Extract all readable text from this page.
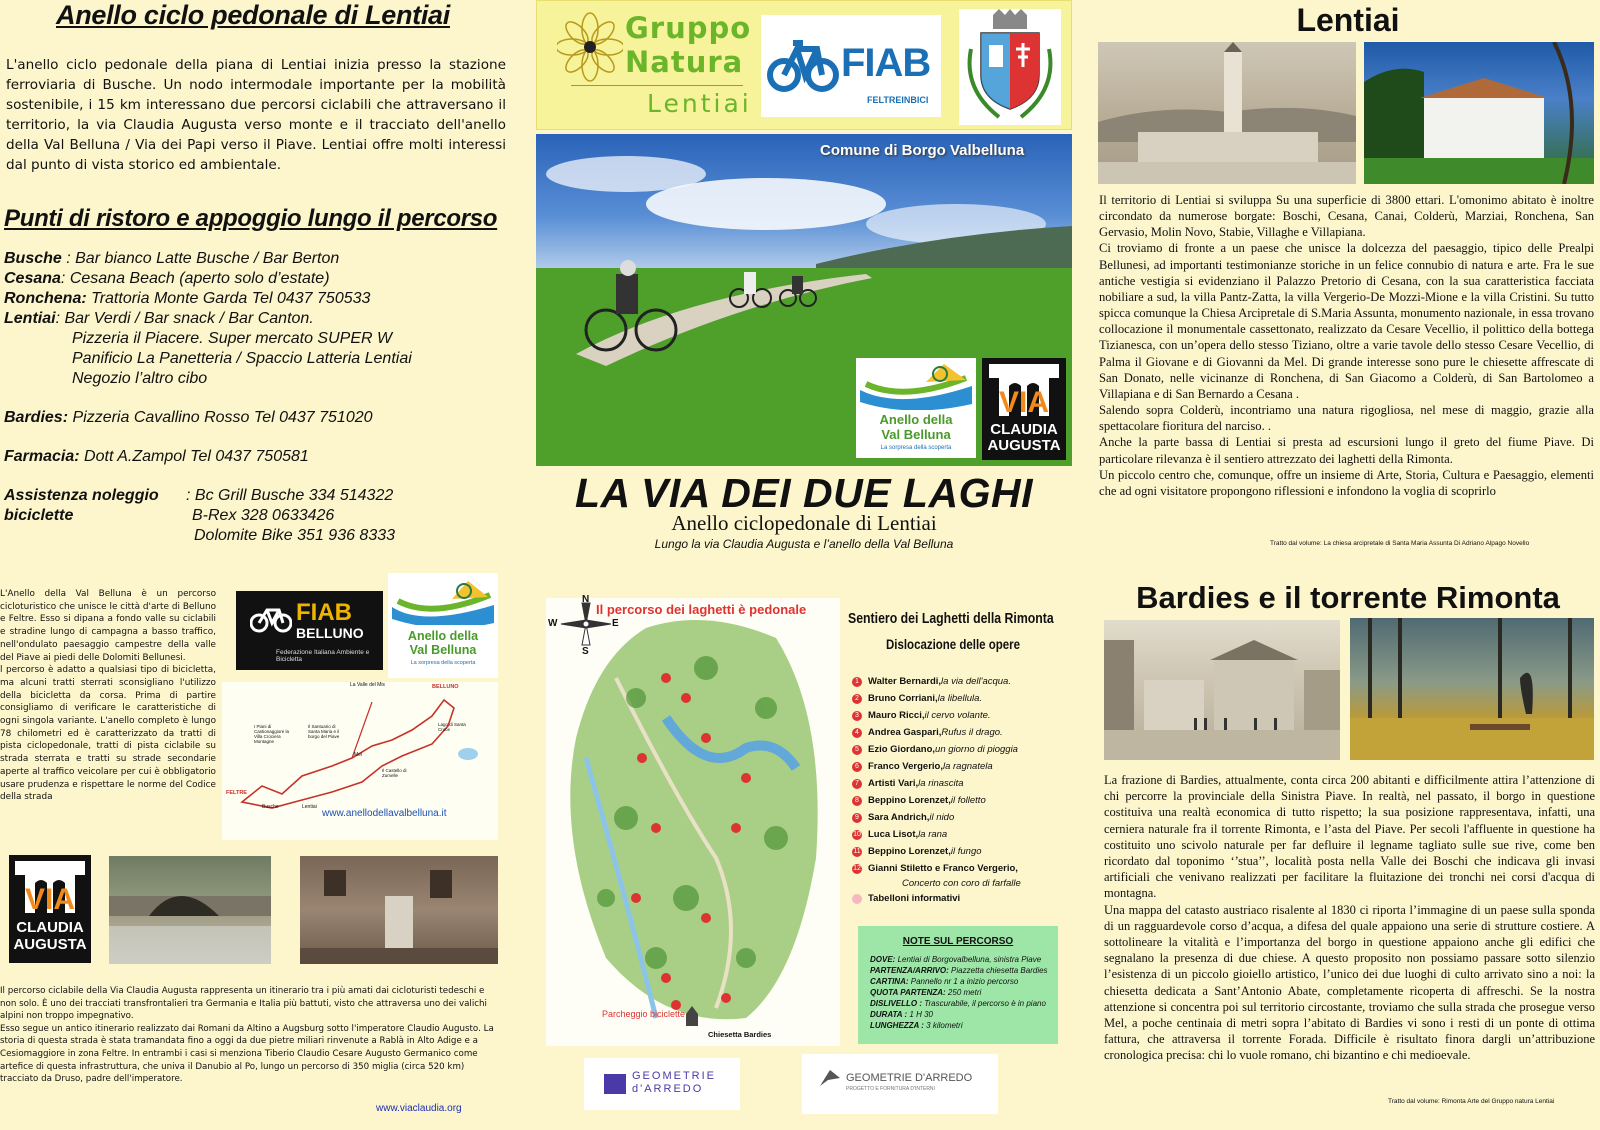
Anello ciclo pedonale di Lentiai
L'anello ciclo pedonale della piana di Lentiai inizia presso la stazione ferroviaria di Busche. Un nodo intermodale importante per la mobilità sostenibile, i 15 km interessano due percorsi ciclabili che attraversano il territorio, la via Claudia Augusta verso monte e il tracciato dell'anello della Val Belluna / Via dei Papi verso il Piave. Lentiai offre molti interessi dal punto di vista storico ed ambientale.
Punti di ristoro e appoggio lungo il percorso
Busche : Bar bianco Latte Busche / Bar Berton
Cesana: Cesana Beach (aperto solo d’estate)
Ronchena: Trattoria Monte Garda Tel 0437 750533
Lentiai: Bar Verdi / Bar snack / Bar Canton.
Pizzeria il Piacere. Super mercato SUPER W
Panificio La Panetteria / Spaccio Latteria Lentiai
Negozio l’altro cibo
Bardies: Pizzeria Cavallino Rosso Tel 0437 751020
Farmacia: Dott A.Zampol Tel 0437 750581
Assistenza noleggio biciclette
: Bc Grill Busche 334 514322
B-Rex 328 0633426
Dolomite Bike 351 936 8333
L'Anello della Val Belluna è un percorso cicloturistico che unisce le città d'arte di Belluno e Feltre. Esso si dipana a fondo valle su ciclabili e stradine lungo di campagna a basso traffico, nell'ondulato paesaggio campestre della valle del Piave ai piedi delle Dolomiti Bellunesi.
l percorso è adatto a qualsiasi tipo di bicicletta, ma alcuni tratti sterrati sconsigliano l'utilizzo della bicicletta da corsa. Prima di partire consigliamo di verificare le caratteristiche di ogni singola variante. L'anello completo è lungo 78 chilometri ed è caratterizzato da tratti di pista ciclopedonale, tratti di pista ciclabile su strada sterrata e tratti su strade secondarie aperte al traffico veicolare per cui è obbligatorio usare prudenza e rispettare le norme del Codice della strada
FIAB
BELLUNO
Federazione Italiana Ambiente e Bicicletta
Anello della
Val Belluna
La sorpresa della scoperta
La Valle del Mis	BELLUNO
I Piani di Castionaggiore la Villa Crociera Montagne
Il Santuario di Santa Maria e il borgo del Piave
Lago di Santa Croce
FELTRE
Il Castello di Zumelle
Mel
Busche	Lentiai
www.anellodellavalbelluna.it
VIA
CLAUDIA
AUGUSTA
Il percorso ciclabile della Via Claudia Augusta rappresenta un itinerario tra i più amati dai cicloturisti tedeschi e non solo. È uno dei tracciati transfrontalieri tra Germania e Italia più battuti, visto che attraversa uno dei valichi alpini non troppo impegnativo.
Esso segue un antico itinerario realizzato dai Romani da Altino a Augsburg sotto l'imperatore Claudio Augusto. La storia di questa strada è stata tramandata fino a oggi da due pietre miliari rinvenute a Rablà in Alto Adige e a Cesiomaggiore in zona Feltre. In entrambi i casi si menziona Tiberio Claudio Cesare Augusto Germanico come artefice di questa infrastruttura, che univa il Danubio al Po, lungo un percorso di 350 miglia (circa 520 km) tracciato da Druso, padre dell'imperatore.
www.viaclaudia.org
Gruppo
Natura
Lentiai
FIAB
FELTREINBICI
Comune di Borgo Valbelluna
Anello della
Val Belluna
La sorpresa della scoperta
VIA
CLAUDIA
AUGUSTA
LA VIA DEI DUE LAGHI
Anello ciclopedonale di Lentiai
Lungo la via Claudia Augusta e l’anello della Val Belluna
N
E
S
W
Il percorso dei laghetti è pedonale
Parcheggio biciclette
Chiesetta Bardies
Sentiero dei Laghetti della Rimonta
Dislocazione delle opere
1 Walter Bernardi, la via dell'acqua.
2 Bruno Corriani, la libellula.
3 Mauro Ricci, il cervo volante.
4 Andrea Gaspari, Rufus il drago.
5 Ezio Giordano, un giorno di pioggia
6 Franco Vergerio, la ragnatela
7 Artisti Vari, la rinascita
8 Beppino Lorenzet, il folletto
9 Sara Andrich, il nido
10 Luca Lisot, la rana
11 Beppino Lorenzet, il fungo
12 Gianni Stiletto e Franco Vergerio,
Concerto con coro di farfalle
Tabelloni informativi
NOTE SUL PERCORSO
DOVE: Lentiai di Borgovalbelluna, sinistra Piave
PARTENZA/ARRIVO: Piazzetta chiesetta Bardies
CARTINA: Pannello nr 1 a inizio percorso
QUOTA PARTENZA: 250 metri
DISLIVELLO : Trascurabile, il percorso è in piano
DURATA : 1 H 30
LUNGHEZZA : 3 kilometri
GEOMETRIE
d'ARREDO
GEOMETRIE D'ARREDO
PROGETTO E FORNITURA D'INTERNI
Lentiai
Il territorio di Lentiai si sviluppa Su una superficie di 3800 ettari. L'omonimo abitato è inoltre circondato da numerose borgate: Boschi, Cesana, Canai, Colderù, Marziai, Ronchena, San Gervasio, Molin Novo, Stabie, Villaghe e Villapiana.
Ci troviamo di fronte a un paese che unisce la dolcezza del paesaggio, tipico delle Prealpi Bellunesi, ad importanti testimonianze storiche in un felice connubio di natura e arte. Fra le sue antiche vestigia si evidenziano il Palazzo Pretorio di Cesana, con la sua caratteristica facciata nobiliare a sud, la villa Pantz-Zatta, la villa Vergerio-De Mozzi-Mione e la villa Cristini. Su tutto spicca comunque la Chiesa Arcipretale di S.Maria Assunta, monumento nazionale, in essa trovano collocazione il monumentale cassettonato, realizzato da Cesare Vecellio, il polittico della bottega Tizianesca, con un’opera dello stesso Tiziano, oltre a varie tavole dello stesso Cesare Vecellio, di Palma il Giovane e di Giovanni da Mel. Di grande interesse sono pure le chiesette affrescate di San Donato, nelle vicinanze di Ronchena, di San Giacomo a Colderù, di San Bartolomeo a Villapiana e di San Bernardo a Cesana .
Salendo sopra Colderù, incontriamo una natura rigogliosa, nel mese di maggio, grazie alla spettacolare fioritura del narciso. .
Anche la parte bassa di Lentiai si presta ad escursioni lungo il greto del fiume Piave. Di particolare rilevanza è il sentiero attrezzato dei laghetti della Rimonta.
Un piccolo centro che, comunque, offre un insieme di Arte, Storia, Cultura e Paesaggio, elementi che ad ogni visitatore propongono riflessioni e infondono la voglia di scoprirlo
Tratto dal volume: La chiesa arcipretale di Santa Maria Assunta Di Adriano Alpago Novello
Bardies e il torrente Rimonta
La frazione di Bardies, attualmente, conta circa 200 abitanti e difficilmente attira l’attenzione di chi percorre la provinciale della Sinistra Piave. In realtà, nel passato, il borgo in questione costituiva una realtà economica di tutto rispetto; la sua posizione rappresentava, infatti, una cerniera naturale fra il torrente Rimonta, e l’asta del Piave. Per secoli l'affluente in questione ha costituito uno scivolo naturale per far defluire il legname tagliato sulle sue rive, come ben ricordato dal toponimo ‘’stua’’, località posta nella Valle dei Boschi che indicava gli invasi artificiali che venivano realizzati per facilitare la fluitazione dei tronchi nei corsi d'acqua di montagna.
Una mappa del catasto austriaco risalente al 1830 ci riporta l’immagine di un paese sulla sponda di un ragguardevole corso d’acqua, a difesa del quale appaiono una serie di strutture costiere. A sottolineare la vitalità e l’importanza del borgo in questione appaiono anche gli edifici che segnalano la presenza di due chiese. A questo proposito non possiamo passare sotto silenzio l’esistenza di un piccolo gioiello artistico, l’unico dei due luoghi di culto arrivato sino a noi: la chiesetta dedicata a Sant’Antonio Abate, completamente ricoperta di affreschi. Se la nostra attenzione si concentra poi sul territorio circostante, troviamo che sulla strada che prosegue verso Mel, a poche centinaia di metri sopra l’abitato di Bardies vi sono i resti di un ponte di ottima fattura, che attraversa il torrente Forada. Difficile è risultato finora dargli un’attribuzione cronologica precisa: chi lo vuole romano, chi bizantino e chi medioevale.
Tratto dal volume: Rimonta Arte del Gruppo natura Lentiai
